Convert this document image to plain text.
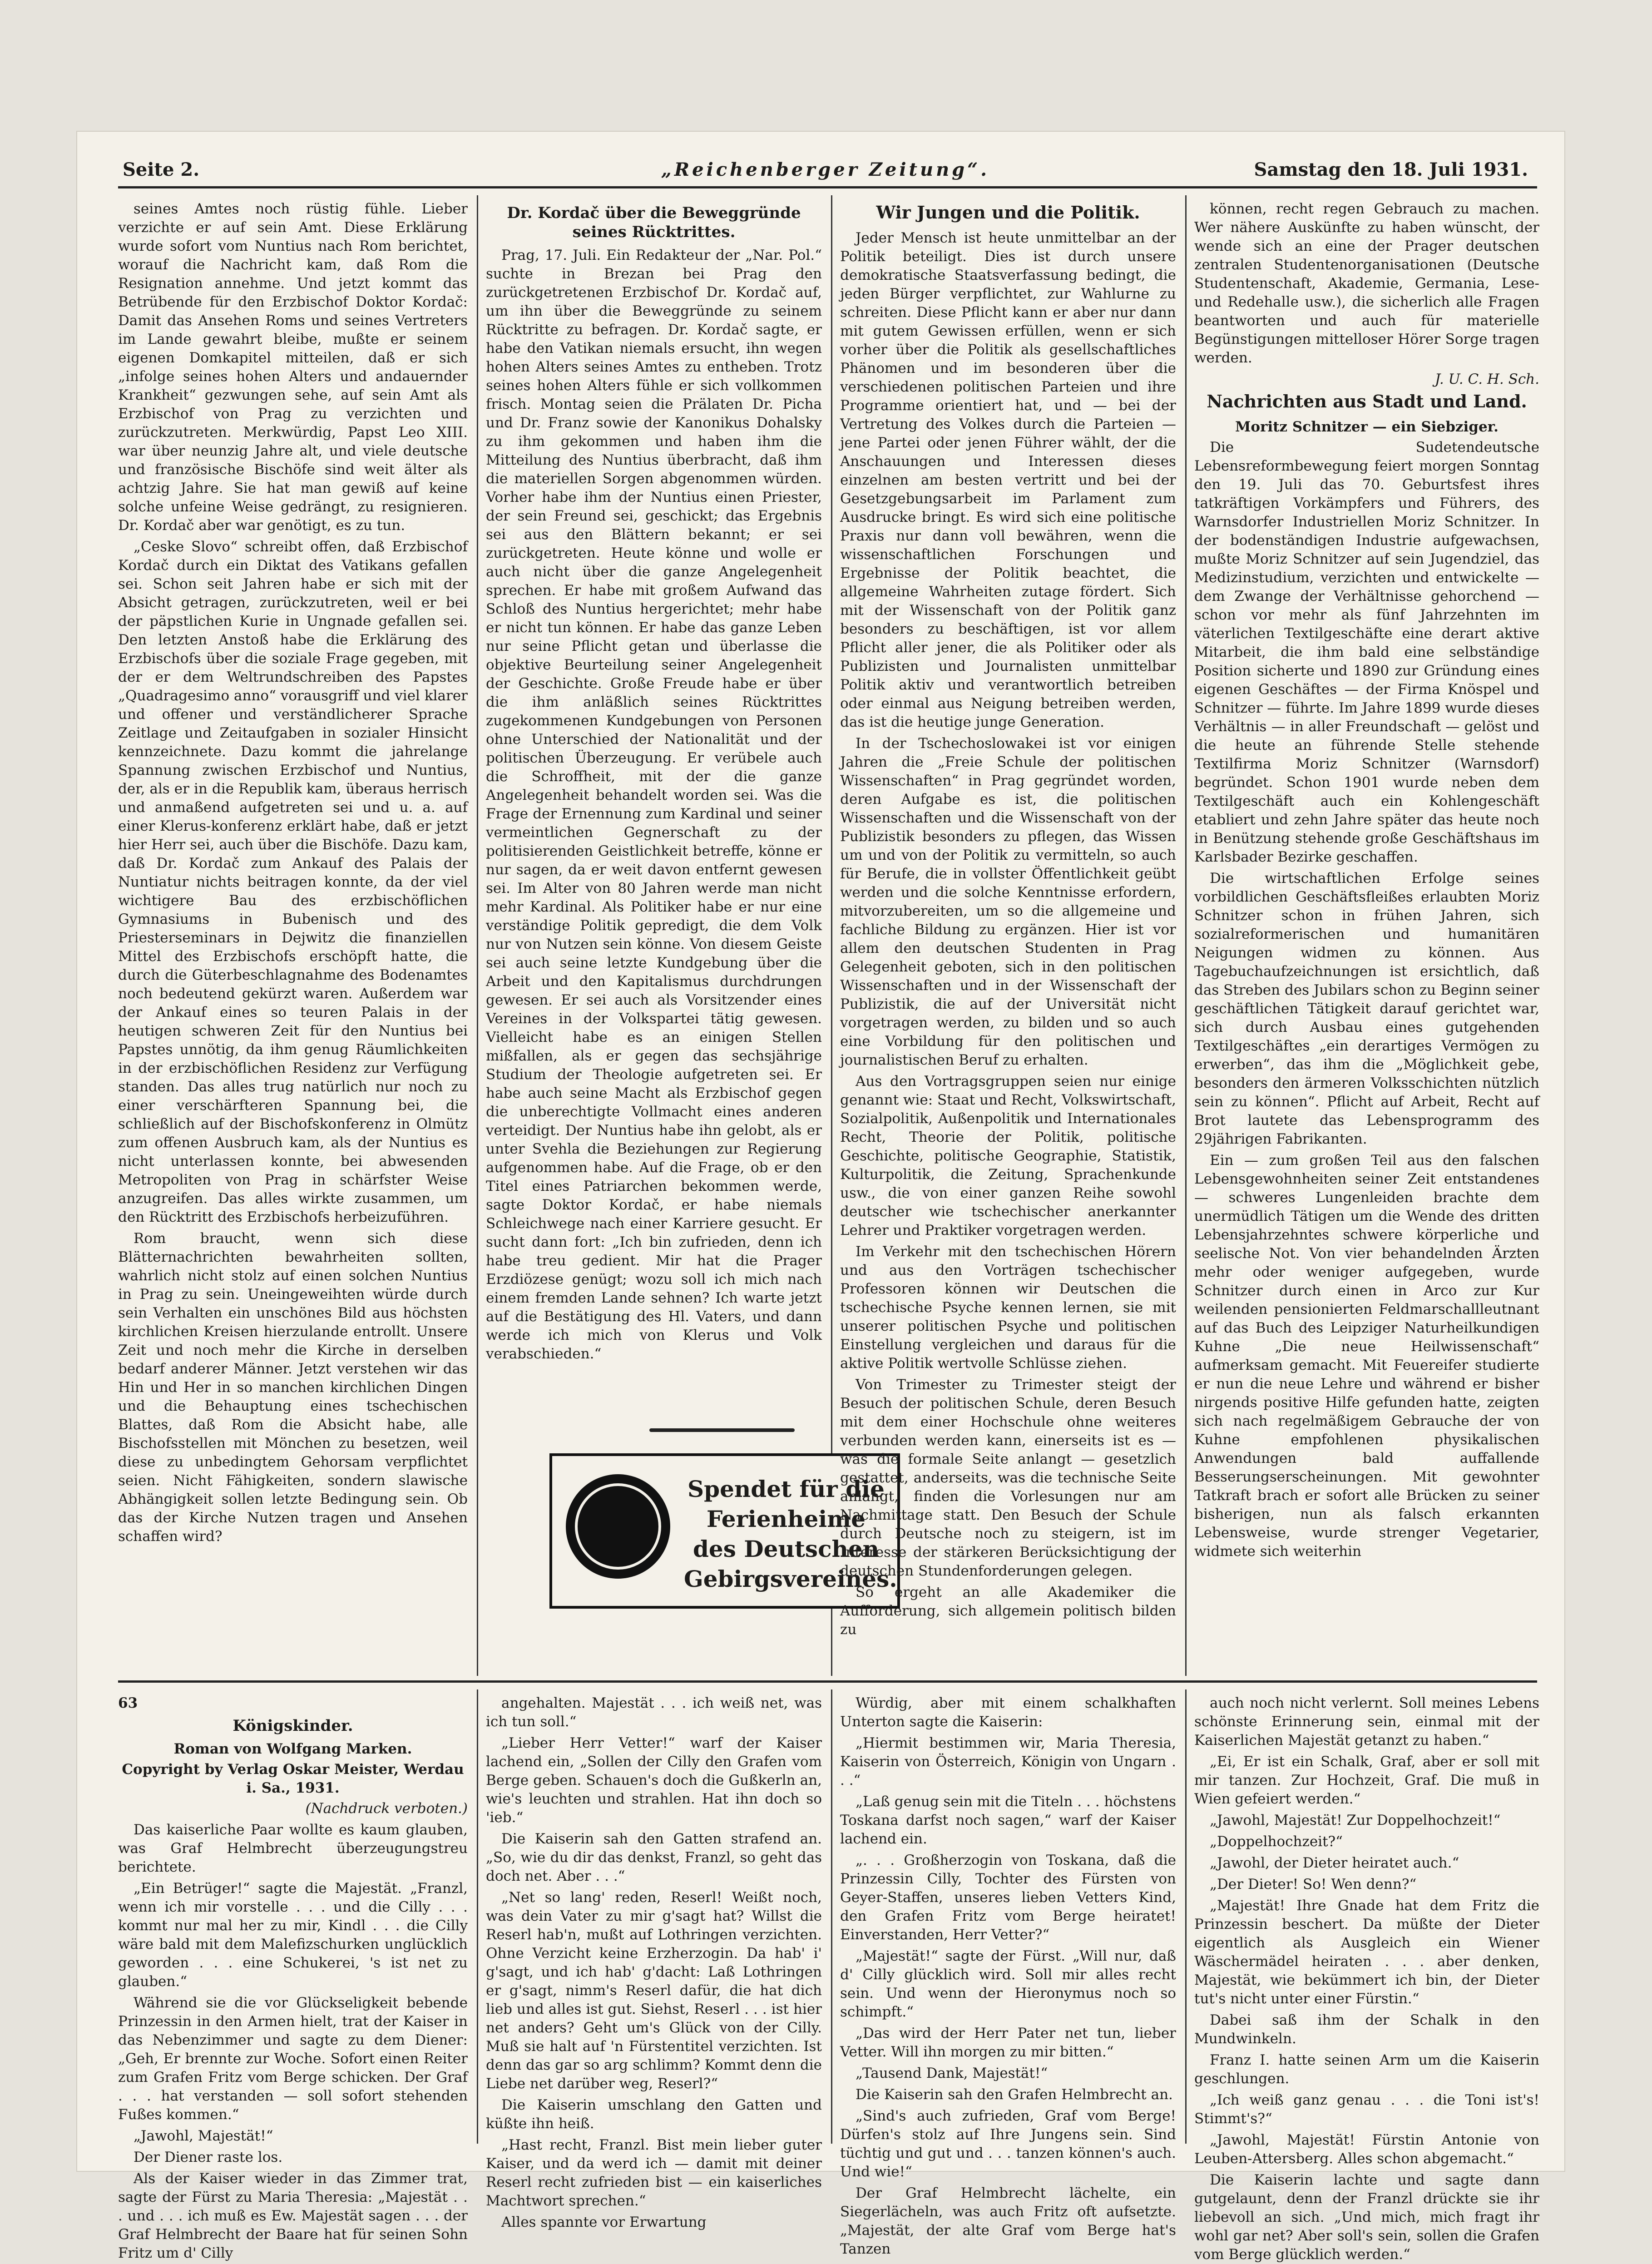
Seite 2.	„Reichenberger Zeitung“.	Samstag den 18. Juli 1931.

seines Amtes noch rüstig fühle. Lieber verzichte er auf sein Amt. Diese Erklärung wurde sofort vom Nuntius nach Rom berichtet, worauf die Nachricht kam, daß Rom die Resignation annehme. Und jetzt kommt das Betrübende für den Erzbischof Doktor Kordač: Damit das Ansehen Roms und seines Vertreters im Lande gewahrt bleibe, mußte er seinem eigenen Domkapitel mitteilen, daß er sich „infolge seines hohen Alters und andauernder Krankheit“ gezwungen sehe, auf sein Amt als Erzbischof von Prag zu verzichten und zurückzutreten. Merkwürdig, Papst Leo XIII. war über neunzig Jahre alt, und viele deutsche und französische Bischöfe sind weit älter als achtzig Jahre. Sie hat man gewiß auf keine solche unfeine Weise gedrängt, zu resignieren. Dr. Kordač aber war genötigt, es zu tun.

„Ceske Slovo“ schreibt offen, daß Erzbischof Kordač durch ein Diktat des Vatikans gefallen sei. Schon seit Jahren habe er sich mit der Absicht getragen, zurückzutreten, weil er bei der päpstlichen Kurie in Ungnade gefallen sei. Den letzten Anstoß habe die Erklärung des Erzbischofs über die soziale Frage gegeben, mit der er dem Weltrundschreiben des Papstes „Quadragesimo anno“ vorausgriff und viel klarer und offener und verständlicherer Sprache Zeitlage und Zeitaufgaben in sozialer Hinsicht kennzeichnete. Dazu kommt die jahrelange Spannung zwischen Erzbischof und Nuntius, der, als er in die Republik kam, überaus herrisch und anmaßend aufgetreten sei und u. a. auf einer Klerus-konferenz erklärt habe, daß er jetzt hier Herr sei, auch über die Bischöfe. Dazu kam, daß Dr. Kordač zum Ankauf des Palais der Nuntiatur nichts beitragen konnte, da der viel wichtigere Bau des erzbischöflichen Gymnasiums in Bubenisch und des Priesterseminars in Dejwitz die finanziellen Mittel des Erzbischofs erschöpft hatte, die durch die Güterbeschlagnahme des Bodenamtes noch bedeutend gekürzt waren. Außerdem war der Ankauf eines so teuren Palais in der heutigen schweren Zeit für den Nuntius bei Papstes unnötig, da ihm genug Räumlichkeiten in der erzbischöflichen Residenz zur Verfügung standen. Das alles trug natürlich nur noch zu einer verschärfteren Spannung bei, die schließlich auf der Bischofskonferenz in Olmütz zum offenen Ausbruch kam, als der Nuntius es nicht unterlassen konnte, bei abwesenden Metropoliten von Prag in schärfster Weise anzugreifen. Das alles wirkte zusammen, um den Rücktritt des Erzbischofs herbeizuführen.

Rom braucht, wenn sich diese Blätternachrichten bewahrheiten sollten, wahrlich nicht stolz auf einen solchen Nuntius in Prag zu sein. Uneingeweihten würde durch sein Verhalten ein unschönes Bild aus höchsten kirchlichen Kreisen hierzulande entrollt. Unsere Zeit und noch mehr die Kirche in derselben bedarf anderer Männer. Jetzt verstehen wir das Hin und Her in so manchen kirchlichen Dingen und die Behauptung eines tschechischen Blattes, daß Rom die Absicht habe, alle Bischofsstellen mit Mönchen zu besetzen, weil diese zu unbedingtem Gehorsam verpflichtet seien. Nicht Fähigkeiten, sondern slawische Abhängigkeit sollen letzte Bedingung sein. Ob das der Kirche Nutzen tragen und Ansehen schaffen wird?

Dr. Kordač über die Beweggründe seines Rücktrittes.

Prag, 17. Juli. Ein Redakteur der „Nar. Pol.“ suchte in Brezan bei Prag den zurückgetretenen Erzbischof Dr. Kordač auf, um ihn über die Beweggründe zu seinem Rücktritte zu befragen. Dr. Kordač sagte, er habe den Vatikan niemals ersucht, ihn wegen hohen Alters seines Amtes zu entheben. Trotz seines hohen Alters fühle er sich vollkommen frisch. Montag seien die Prälaten Dr. Picha und Dr. Franz sowie der Kanonikus Dohalsky zu ihm gekommen und haben ihm die Mitteilung des Nuntius überbracht, daß ihm die materiellen Sorgen abgenommen würden. Vorher habe ihm der Nuntius einen Priester, der sein Freund sei, geschickt; das Ergebnis sei aus den Blättern bekannt; er sei zurückgetreten. Heute könne und wolle er auch nicht über die ganze Angelegenheit sprechen. Er habe mit großem Aufwand das Schloß des Nuntius hergerichtet; mehr habe er nicht tun können. Er habe das ganze Leben nur seine Pflicht getan und überlasse die objektive Beurteilung seiner Angelegenheit der Geschichte. Große Freude habe er über die ihm anläßlich seines Rücktrittes zugekommenen Kundgebungen von Personen ohne Unterschied der Nationalität und der politischen Überzeugung. Er verübele auch die Schroffheit, mit der die ganze Angelegenheit behandelt worden sei. Was die Frage der Ernennung zum Kardinal und seiner vermeintlichen Gegnerschaft zu der politisierenden Geistlichkeit betreffe, könne er nur sagen, da er weit davon entfernt gewesen sei. Im Alter von 80 Jahren werde man nicht mehr Kardinal. Als Politiker habe er nur eine verständige Politik gepredigt, die dem Volk nur von Nutzen sein könne. Von diesem Geiste sei auch seine letzte Kundgebung über die Arbeit und den Kapitalismus durchdrungen gewesen. Er sei auch als Vorsitzender eines Vereines in der Volkspartei tätig gewesen. Vielleicht habe es an einigen Stellen mißfallen, als er gegen das sechsjährige Studium der Theologie aufgetreten sei. Er habe auch seine Macht als Erzbischof gegen die unberechtigte Vollmacht eines anderen verteidigt. Der Nuntius habe ihn gelobt, als er unter Svehla die Beziehungen zur Regierung aufgenommen habe. Auf die Frage, ob er den Titel eines Patriarchen bekommen werde, sagte Doktor Kordač, er habe niemals Schleichwege nach einer Karriere gesucht. Er sucht dann fort: „Ich bin zufrieden, denn ich habe treu gedient. Mir hat die Prager Erzdiözese genügt; wozu soll ich mich nach einem fremden Lande sehnen? Ich warte jetzt auf die Bestätigung des Hl. Vaters, und dann werde ich mich von Klerus und Volk verabschieden.“

Spendet für die
Ferienheime
des Deutschen
Gebirgsvereines.
Wir Jungen und die Politik.

Jeder Mensch ist heute unmittelbar an der Politik beteiligt. Dies ist durch unsere demokratische Staatsverfassung bedingt, die jeden Bürger verpflichtet, zur Wahlurne zu schreiten. Diese Pflicht kann er aber nur dann mit gutem Gewissen erfüllen, wenn er sich vorher über die Politik als gesellschaftliches Phänomen und im besonderen über die verschiedenen politischen Parteien und ihre Programme orientiert hat, und — bei der Vertretung des Volkes durch die Parteien — jene Partei oder jenen Führer wählt, der die Anschauungen und Interessen dieses einzelnen am besten vertritt und bei der Gesetzgebungsarbeit im Parlament zum Ausdrucke bringt. Es wird sich eine politische Praxis nur dann voll bewähren, wenn die wissenschaftlichen Forschungen und Ergebnisse der Politik beachtet, die allgemeine Wahrheiten zutage fördert. Sich mit der Wissenschaft von der Politik ganz besonders zu beschäftigen, ist vor allem Pflicht aller jener, die als Politiker oder als Publizisten und Journalisten unmittelbar Politik aktiv und verantwortlich betreiben oder einmal aus Neigung betreiben werden, das ist die heutige junge Generation.

In der Tschechoslowakei ist vor einigen Jahren die „Freie Schule der politischen Wissenschaften“ in Prag gegründet worden, deren Aufgabe es ist, die politischen Wissenschaften und die Wissenschaft von der Publizistik besonders zu pflegen, das Wissen um und von der Politik zu vermitteln, so auch für Berufe, die in vollster Öffentlichkeit geübt werden und die solche Kenntnisse erfordern, mitvorzubereiten, um so die allgemeine und fachliche Bildung zu ergänzen. Hier ist vor allem den deutschen Studenten in Prag Gelegenheit geboten, sich in den politischen Wissenschaften und in der Wissenschaft der Publizistik, die auf der Universität nicht vorgetragen werden, zu bilden und so auch eine Vorbildung für den politischen und journalistischen Beruf zu erhalten.

Aus den Vortragsgruppen seien nur einige genannt wie: Staat und Recht, Volkswirtschaft, Sozialpolitik, Außenpolitik und Internationales Recht, Theorie der Politik, politische Geschichte, politische Geographie, Statistik, Kulturpolitik, die Zeitung, Sprachenkunde usw., die von einer ganzen Reihe sowohl deutscher wie tschechischer anerkannter Lehrer und Praktiker vorgetragen werden.

Im Verkehr mit den tschechischen Hörern und aus den Vorträgen tschechischer Professoren können wir Deutschen die tschechische Psyche kennen lernen, sie mit unserer politischen Psyche und politischen Einstellung vergleichen und daraus für die aktive Politik wertvolle Schlüsse ziehen.

Von Trimester zu Trimester steigt der Besuch der politischen Schule, deren Besuch mit dem einer Hochschule ohne weiteres verbunden werden kann, einerseits ist es — was die formale Seite anlangt — gesetzlich gestattet, anderseits, was die technische Seite anlangt, finden die Vorlesungen nur am Nachmittage statt. Den Besuch der Schule durch Deutsche noch zu steigern, ist im Interesse der stärkeren Berücksichtigung der deutschen Stundenforderungen gelegen.

So ergeht an alle Akademiker die Aufforderung, sich allgemein politisch bilden zu

können, recht regen Gebrauch zu machen. Wer nähere Auskünfte zu haben wünscht, der wende sich an eine der Prager deutschen zentralen Studentenorganisationen (Deutsche Studentenschaft, Akademie, Germania, Lese- und Redehalle usw.), die sicherlich alle Fragen beantworten und auch für materielle Begünstigungen mittelloser Hörer Sorge tragen werden.

J. U. C. H. Sch.

Nachrichten aus Stadt und Land.

Moritz Schnitzer — ein Siebziger.

Die Sudetendeutsche Lebensreformbewegung feiert morgen Sonntag den 19. Juli das 70. Geburtsfest ihres tatkräftigen Vorkämpfers und Führers, des Warnsdorfer Industriellen Moriz Schnitzer. In der bodenständigen Industrie aufgewachsen, mußte Moriz Schnitzer auf sein Jugendziel, das Medizinstudium, verzichten und entwickelte — dem Zwange der Verhältnisse gehorchend — schon vor mehr als fünf Jahrzehnten im väterlichen Textilgeschäfte eine derart aktive Mitarbeit, die ihm bald eine selbständige Position sicherte und 1890 zur Gründung eines eigenen Geschäftes — der Firma Knöspel und Schnitzer — führte. Im Jahre 1899 wurde dieses Verhältnis — in aller Freundschaft — gelöst und die heute an führende Stelle stehende Textilfirma Moriz Schnitzer (Warnsdorf) begründet. Schon 1901 wurde neben dem Textilgeschäft auch ein Kohlengeschäft etabliert und zehn Jahre später das heute noch in Benützung stehende große Geschäftshaus im Karlsbader Bezirke geschaffen.

Die wirtschaftlichen Erfolge seines vorbildlichen Geschäftsfleißes erlaubten Moriz Schnitzer schon in frühen Jahren, sich sozialreformerischen und humanitären Neigungen widmen zu können. Aus Tagebuchaufzeichnungen ist ersichtlich, daß das Streben des Jubilars schon zu Beginn seiner geschäftlichen Tätigkeit darauf gerichtet war, sich durch Ausbau eines gutgehenden Textilgeschäftes „ein derartiges Vermögen zu erwerben“, das ihm die „Möglichkeit gebe, besonders den ärmeren Volksschichten nützlich sein zu können“. Pflicht auf Arbeit, Recht auf Brot lautete das Lebensprogramm des 29jährigen Fabrikanten.

Ein — zum großen Teil aus den falschen Lebensgewohnheiten seiner Zeit entstandenes — schweres Lungenleiden brachte dem unermüdlich Tätigen um die Wende des dritten Lebensjahrzehntes schwere körperliche und seelische Not. Von vier behandelnden Ärzten mehr oder weniger aufgegeben, wurde Schnitzer durch einen in Arco zur Kur weilenden pensionierten Feldmarschallleutnant auf das Buch des Leipziger Naturheilkundigen Kuhne „Die neue Heilwissenschaft“ aufmerksam gemacht. Mit Feuereifer studierte er nun die neue Lehre und während er bisher nirgends positive Hilfe gefunden hatte, zeigten sich nach regelmäßigem Gebrauche der von Kuhne empfohlenen physikalischen Anwendungen bald auffallende Besserungserscheinungen. Mit gewohnter Tatkraft brach er sofort alle Brücken zu seiner bisherigen, nun als falsch erkannten Lebensweise, wurde strenger Vegetarier, widmete sich weiterhin

63

Königskinder.

Roman von Wolfgang Marken.

Copyright by Verlag Oskar Meister, Werdau i. Sa., 1931.

(Nachdruck verboten.)

Das kaiserliche Paar wollte es kaum glauben, was Graf Helmbrecht überzeugungstreu berichtete.

„Ein Betrüger!“ sagte die Majestät. „Franzl, wenn ich mir vorstelle . . . und die Cilly . . . kommt nur mal her zu mir, Kindl . . . die Cilly wäre bald mit dem Malefizschurken unglücklich geworden . . . eine Schukerei, 's ist net zu glauben.“

Während sie die vor Glückseligkeit bebende Prinzessin in den Armen hielt, trat der Kaiser in das Nebenzimmer und sagte zu dem Diener: „Geh, Er brennte zur Woche. Sofort einen Reiter zum Grafen Fritz vom Berge schicken. Der Graf . . . hat verstanden — soll sofort stehenden Fußes kommen.“

„Jawohl, Majestät!“

Der Diener raste los.

Als der Kaiser wieder in das Zimmer trat, sagte der Fürst zu Maria Theresia: „Majestät . . . und . . . ich muß es Ew. Majestät sagen . . . der Graf Helmbrecht der Baare hat für seinen Sohn Fritz um d' Cilly

angehalten. Majestät . . . ich weiß net, was ich tun soll.“

„Lieber Herr Vetter!“ warf der Kaiser lachend ein, „Sollen der Cilly den Grafen vom Berge geben. Schauen's doch die Gußkerln an, wie's leuchten und strahlen. Hat ihn doch so 'ieb.“

Die Kaiserin sah den Gatten strafend an. „So, wie du dir das denkst, Franzl, so geht das doch net. Aber . . .“

„Net so lang' reden, Reserl! Weißt noch, was dein Vater zu mir g'sagt hat? Willst die Reserl hab'n, mußt auf Lothringen verzichten. Ohne Verzicht keine Erzherzogin. Da hab' i' g'sagt, und ich hab' g'dacht: Laß Lothringen er g'sagt, nimm's Reserl dafür, die hat dich lieb und alles ist gut. Siehst, Reserl . . . ist hier net anders? Geht um's Glück von der Cilly. Muß sie halt auf 'n Fürstentitel verzichten. Ist denn das gar so arg schlimm? Kommt denn die Liebe net darüber weg, Reserl?“

Die Kaiserin umschlang den Gatten und küßte ihn heiß.

„Hast recht, Franzl. Bist mein lieber guter Kaiser, und da werd ich — damit mit deiner Reserl recht zufrieden bist — ein kaiserliches Machtwort sprechen.“

Alles spannte vor Erwartung

Würdig, aber mit einem schalkhaften Unterton sagte die Kaiserin:

„Hiermit bestimmen wir, Maria Theresia, Kaiserin von Österreich, Königin von Ungarn . . .“

„Laß genug sein mit die Titeln . . . höchstens Toskana darfst noch sagen,“ warf der Kaiser lachend ein.

„. . . Großherzogin von Toskana, daß die Prinzessin Cilly, Tochter des Fürsten von Geyer-Staffen, unseres lieben Vetters Kind, den Grafen Fritz vom Berge heiratet! Einverstanden, Herr Vetter?“

„Majestät!“ sagte der Fürst. „Will nur, daß d' Cilly glücklich wird. Soll mir alles recht sein. Und wenn der Hieronymus noch so schimpft.“

„Das wird der Herr Pater net tun, lieber Vetter. Will ihn morgen zu mir bitten.“

„Tausend Dank, Majestät!“

Die Kaiserin sah den Grafen Helmbrecht an.

„Sind's auch zufrieden, Graf vom Berge! Dürfen's stolz auf Ihre Jungens sein. Sind tüchtig und gut und . . . tanzen können's auch. Und wie!“

Der Graf Helmbrecht lächelte, ein Siegerlächeln, was auch Fritz oft aufsetzte. „Majestät, der alte Graf vom Berge hat's Tanzen

auch noch nicht verlernt. Soll meines Lebens schönste Erinnerung sein, einmal mit der Kaiserlichen Majestät getanzt zu haben.“

„Ei, Er ist ein Schalk, Graf, aber er soll mit mir tanzen. Zur Hochzeit, Graf. Die muß in Wien gefeiert werden.“

„Jawohl, Majestät! Zur Doppelhochzeit!“

„Doppelhochzeit?“

„Jawohl, der Dieter heiratet auch.“

„Der Dieter! So! Wen denn?“

„Majestät! Ihre Gnade hat dem Fritz die Prinzessin beschert. Da müßte der Dieter eigentlich als Ausgleich ein Wiener Wäschermädel heiraten . . . aber denken, Majestät, wie bekümmert ich bin, der Dieter tut's nicht unter einer Fürstin.“

Dabei saß ihm der Schalk in den Mundwinkeln.

Franz I. hatte seinen Arm um die Kaiserin geschlungen.

„Ich weiß ganz genau . . . die Toni ist's! Stimmt's?“

„Jawohl, Majestät! Fürstin Antonie von Leuben-Attersberg. Alles schon abgemacht.“

Die Kaiserin lachte und sagte dann gutgelaunt, denn der Franzl drückte sie ihr liebevoll an sich. „Und mich, mich fragt ihr wohl gar net? Aber soll's sein, sollen die Grafen vom Berge glücklich werden.“
